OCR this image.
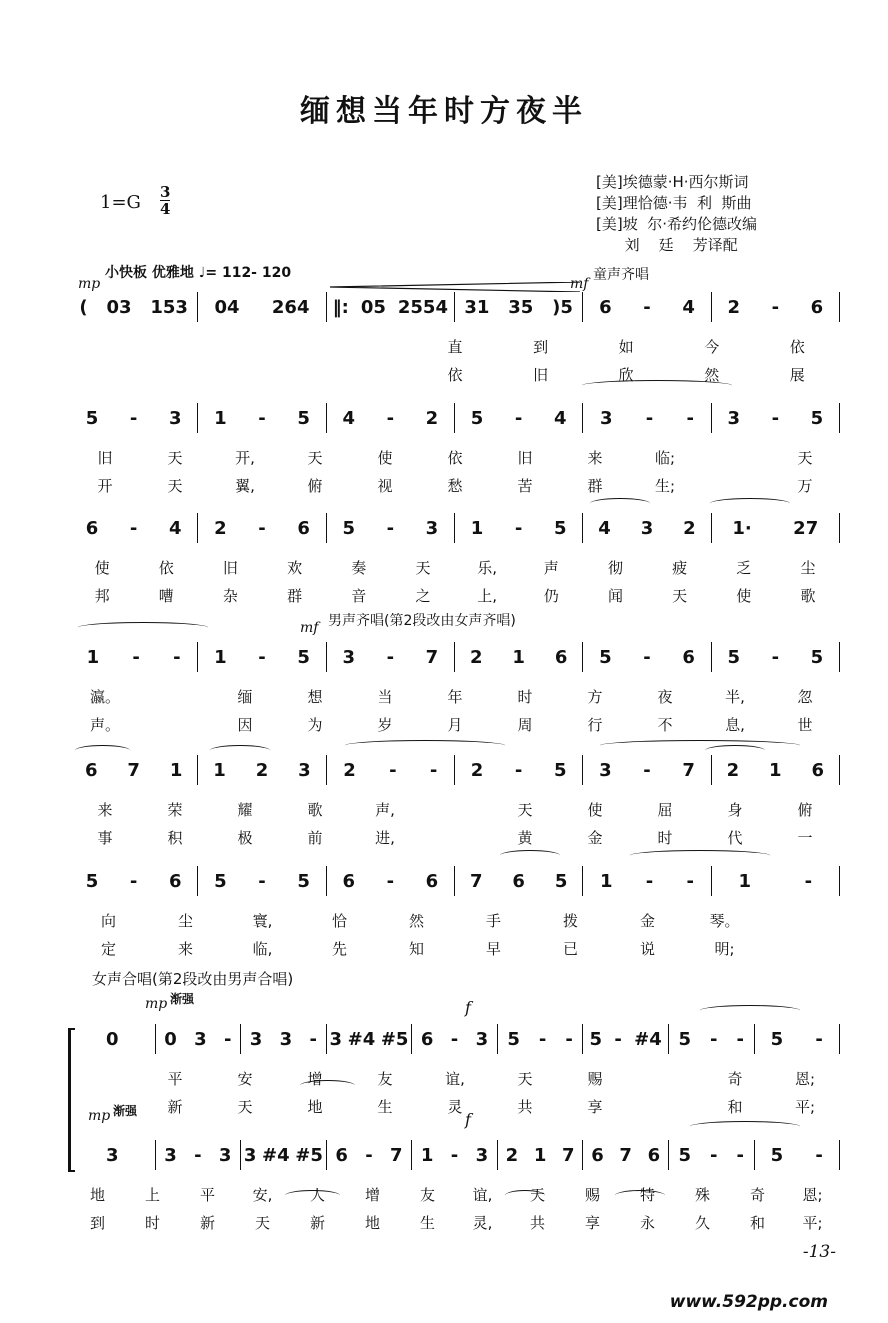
缅想当年时方夜半
1=G 3
4
[美]埃德蒙·H·西尔斯词
[美]理恰德·韦  利  斯曲
[美]坡  尔·希约伦德改编
刘    廷    芳译配
mp
小快板 优雅地 ♩= 112- 120
mf
童声齐唱
mf 男声齐唱(第2段改由女声齐唱)
女声合唱(第2段改由男声合唱)
mp 渐强	f
mp 渐强	f
( 03 153 04 264 ‖: 05 2554 31 35 )5 6 - 4 2 - 6
直	到	如	今	依
依	旧	欣	然	展
5 - 3 1 - 5 4 - 2 5 - 4 3 - - 3 - 5
旧	天	开,	天	使	依	旧	来	临;	天
开	天	翼,	俯	视	愁	苦	群	生;	万
6 - 4 2 - 6 5 - 3 1 - 5 4 3 2 1· 27
使	依	旧	欢	奏	天	乐,	声	彻	疲	乏	尘
邦	嘈	杂	群	音	之	上,	仍	闻	天	使	歌
1 - - 1 - 5 3 - 7 2 1 6 5 - 6 5 - 5
瀛。	缅	想	当	年	时	方	夜	半,	忽
声。	因	为	岁	月	周	行	不	息,	世
6 7 1 1 2 3 2 - - 2 - 5 3 - 7 2 1 6
来	荣	耀	歌	声,	天	使	屈	身	俯
事	积	极	前	进,	黄	金	时	代	一
5 - 6 5 - 5 6 - 6 7 6 5 1 - - 1	-
向	尘	寰,	恰	然	手	拨	金	琴。
定	来	临,	先	知	早	已	说	明;
0	0 3 - 3 3 - 3 #4 #5 6 - 3 5 - - 5 - #4 5 - - 5 -
平	安	增	友	谊,	天	赐	奇	恩;
新	天	地	生	灵	共	享	和	平;
3	3 - 3 3 #4 #5 6 - 7 1 - 3 2 1 7 6 7 6 5 - - 5 -
地	上	平	安,	人	增	友	谊,	天	赐	特	殊	奇	恩;
到	时	新	天	新	地	生	灵,	共	享	永	久	和	平;
-13-
www.592pp.com
